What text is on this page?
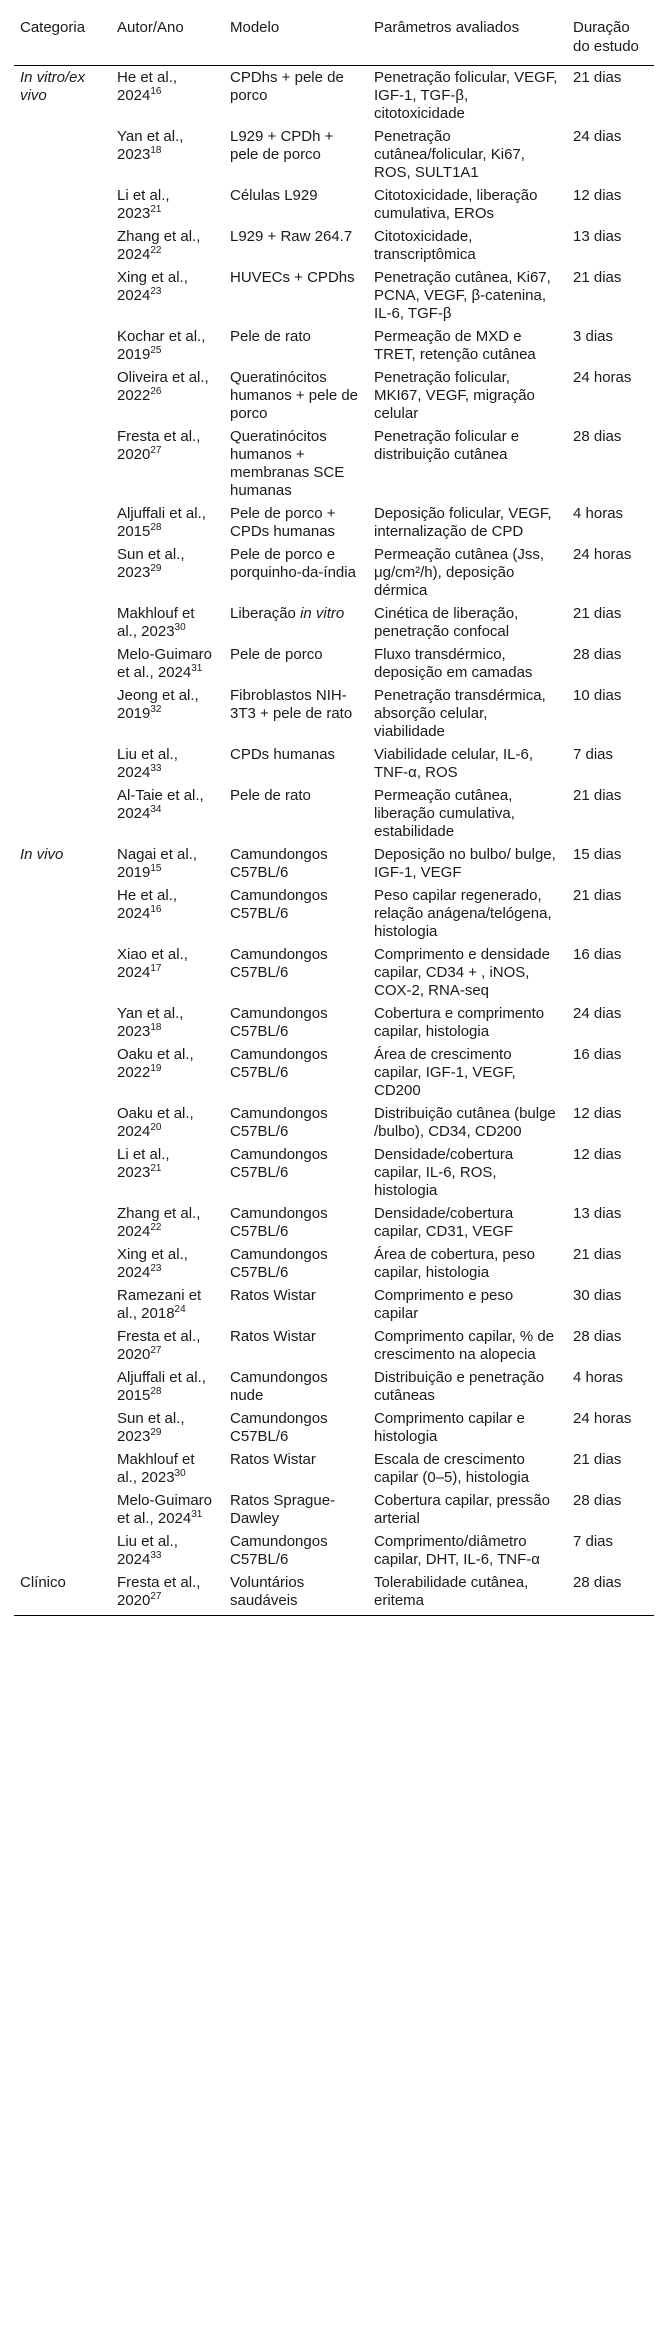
Categoria	Autor/Ano	Modelo	Parâmetros avaliados	Duração do estudo
In vitro/ex vivo	He et al., 2024$^{16}$	CPDhs + pele de porco	Penetração folicular, VEGF, IGF-1, TGF-β, citotoxicidade	21 dias
	Yan et al., 2023$^{18}$	L929 + CPDh + pele de porco	Penetração cutânea/folicular, Ki67, ROS, SULT1A1	24 dias
	Li et al., 2023$^{21}$	Células L929	Citotoxicidade, liberação cumulativa, EROs	12 dias
	Zhang et al., 2024$^{22}$	L929 + Raw 264.7	Citotoxicidade, transcriptômica	13 dias
	Xing et al., 2024$^{23}$	HUVECs + CPDhs	Penetração cutânea, Ki67, PCNA, VEGF, β-catenina, IL-6, TGF-β	21 dias
	Kochar et al., 2019$^{25}$	Pele de rato	Permeação de MXD e TRET, retenção cutânea	3 dias
	Oliveira et al., 2022$^{26}$	Queratinócitos humanos + pele de porco	Penetração folicular, MKI67, VEGF, migração celular	24 horas
	Fresta et al., 2020$^{27}$	Queratinócitos humanos + membranas SCE humanas	Penetração folicular e distribuição cutânea	28 dias
	Aljuffali et al., 2015$^{28}$	Pele de porco + CPDs humanas	Deposição folicular, VEGF, internalização de CPD	4 horas
	Sun et al., 2023$^{29}$	Pele de porco e porquinho-da-índia	Permeação cutânea (Jss, μg/cm²/h), deposição dérmica	24 horas
	Makhlouf et al., 2023$^{30}$	Liberação in vitro	Cinética de liberação, penetração confocal	21 dias
	Melo-Guimaro et al., 2024$^{31}$	Pele de porco	Fluxo transdérmico, deposição em camadas	28 dias
	Jeong et al., 2019$^{32}$	Fibroblastos NIH-3T3 + pele de rato	Penetração transdérmica, absorção celular, viabilidade	10 dias
	Liu et al., 2024$^{33}$	CPDs humanas	Viabilidade celular, IL-6, TNF-α, ROS	7 dias
	Al-Taie et al., 2024$^{34}$	Pele de rato	Permeação cutânea, liberação cumulativa, estabilidade	21 dias
In vivo	Nagai et al., 2019$^{15}$	Camundongos C57BL/6	Deposição no bulbo/ bulge, IGF-1, VEGF	15 dias
	He et al., 2024$^{16}$	Camundongos C57BL/6	Peso capilar regenerado, relação anágena/telógena, histologia	21 dias
	Xiao et al., 2024$^{17}$	Camundongos C57BL/6	Comprimento e densidade capilar, CD34 + , iNOS, COX-2, RNA-seq	16 dias
	Yan et al., 2023$^{18}$	Camundongos C57BL/6	Cobertura e comprimento capilar, histologia	24 dias
	Oaku et al., 2022$^{19}$	Camundongos C57BL/6	Área de crescimento capilar, IGF-1, VEGF, CD200	16 dias
	Oaku et al., 2024$^{20}$	Camundongos C57BL/6	Distribuição cutânea (bulge /bulbo), CD34, CD200	12 dias
	Li et al., 2023$^{21}$	Camundongos C57BL/6	Densidade/cobertura capilar, IL-6, ROS, histologia	12 dias
	Zhang et al., 2024$^{22}$	Camundongos C57BL/6	Densidade/cobertura capilar, CD31, VEGF	13 dias
	Xing et al., 2024$^{23}$	Camundongos C57BL/6	Área de cobertura, peso capilar, histologia	21 dias
	Ramezani et al., 2018$^{24}$	Ratos Wistar	Comprimento e peso capilar	30 dias
	Fresta et al., 2020$^{27}$	Ratos Wistar	Comprimento capilar, % de crescimento na alopecia	28 dias
	Aljuffali et al., 2015$^{28}$	Camundongos nude	Distribuição e penetração cutâneas	4 horas
	Sun et al., 2023$^{29}$	Camundongos C57BL/6	Comprimento capilar e histologia	24 horas
	Makhlouf et al., 2023$^{30}$	Ratos Wistar	Escala de crescimento capilar (0–5), histologia	21 dias
	Melo-Guimaro et al., 2024$^{31}$	Ratos Sprague-Dawley	Cobertura capilar, pressão arterial	28 dias
	Liu et al., 2024$^{33}$	Camundongos C57BL/6	Comprimento/diâmetro capilar, DHT, IL-6, TNF-α	7 dias
Clínico	Fresta et al., 2020$^{27}$	Voluntários saudáveis	Tolerabilidade cutânea, eritema	28 dias
